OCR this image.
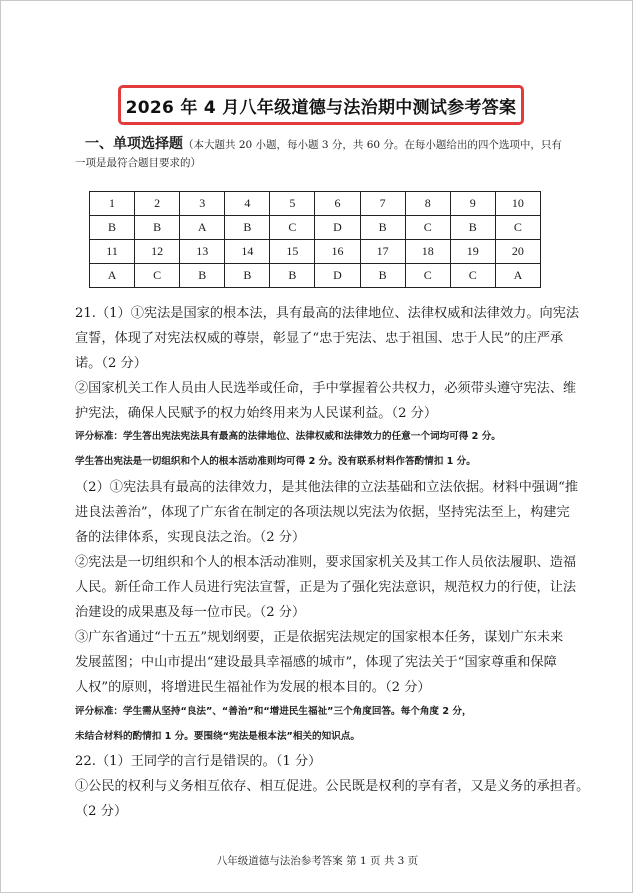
2026 年 4 月八年级道德与法治期中测试参考答案
一、单项选择题（本大题共 20 小题，每小题 3 分，共 60 分。在每小题给出的四个选项中，只有
一项是最符合题目要求的）
1	2	3	4	5	6	7	8	9	10
B	B	A	B	C	D	B	C	B	C
11	12	13	14	15	16	17	18	19	20
A	C	B	B	B	D	B	C	C	A
21.（1）①宪法是国家的根本法，具有最高的法律地位、法律权威和法律效力。向宪法
宣誓，体现了对宪法权威的尊崇，彰显了“忠于宪法、忠于祖国、忠于人民”的庄严承
诺。（2 分）
②国家机关工作人员由人民选举或任命，手中掌握着公共权力，必须带头遵守宪法、维
护宪法，确保人民赋予的权力始终用来为人民谋利益。（2 分）
评分标准：学生答出宪法宪法具有最高的法律地位、法律权威和法律效力的任意一个词均可得 2 分。
学生答出宪法是一切组织和个人的根本活动准则均可得 2 分。没有联系材料作答酌情扣 1 分。
（2）①宪法具有最高的法律效力，是其他法律的立法基础和立法依据。材料中强调“推
进良法善治”，体现了广东省在制定的各项法规以宪法为依据，坚持宪法至上，构建完
备的法律体系，实现良法之治。（2 分）
②宪法是一切组织和个人的根本活动准则，要求国家机关及其工作人员依法履职、造福
人民。新任命工作人员进行宪法宣誓，正是为了强化宪法意识，规范权力的行使，让法
治建设的成果惠及每一位市民。（2 分）
③广东省通过“十五五”规划纲要，正是依据宪法规定的国家根本任务，谋划广东未来
发展蓝图；中山市提出“建设最具幸福感的城市”，体现了宪法关于“国家尊重和保障
人权”的原则，将增进民生福祉作为发展的根本目的。（2 分）
评分标准：学生需从坚持“良法”、“善治”和“增进民生福祉”三个角度回答。每个角度 2 分，
未结合材料的酌情扣 1 分。要围绕“宪法是根本法”相关的知识点。
22.（1）王同学的言行是错误的。（1 分）
①公民的权利与义务相互依存、相互促进。公民既是权利的享有者，又是义务的承担者。
（2 分）
八年级道德与法治参考答案 第 1 页 共 3 页
